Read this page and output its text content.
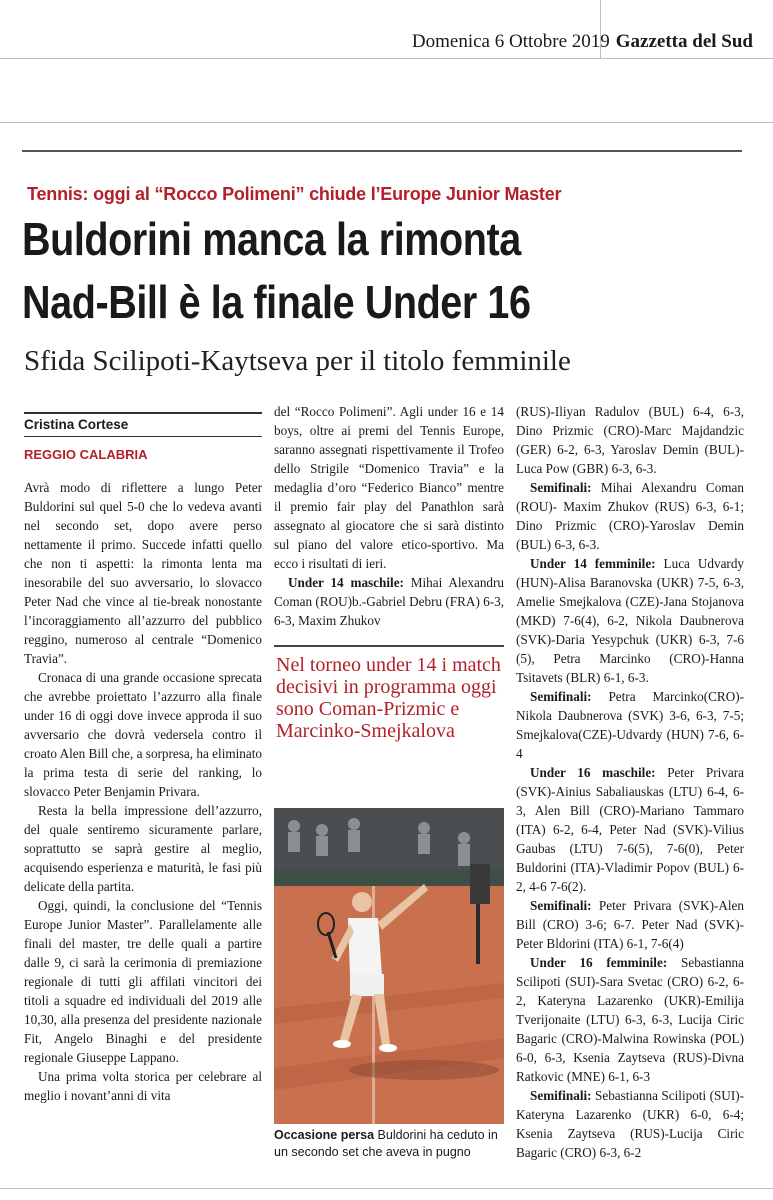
Domenica 6 Ottobre 2019 Gazzetta del Sud
Tennis: oggi al “Rocco Polimeni” chiude l’Europe Junior Master
Buldorini manca la rimonta
Nad-Bill è la finale Under 16
Sfida Scilipoti-Kaytseva per il titolo femminile
Cristina Cortese
REGGIO CALABRIA

Avrà modo di riflettere a lungo Peter Buldorini sul quel 5-0 che lo vedeva avanti nel secondo set, dopo avere perso nettamente il primo. Succede infatti quello che non ti aspetti: la rimonta lenta ma inesorabile del suo avversario, lo slovacco Peter Nad che vince al tie-break nonostante l’incoraggiamento all’azzurro del pubblico reggino, numeroso al centrale “Domenico Travia”.

Cronaca di una grande occasione sprecata che avrebbe proiettato l’azzurro alla finale under 16 di oggi dove invece approda il suo avversario che dovrà vedersela contro il croato Alen Bill che, a sorpresa, ha eliminato la prima testa di serie del ranking, lo slovacco Peter Benjamin Privara.

Resta la bella impressione dell’azzurro, del quale sentiremo sicuramente parlare, soprattutto se saprà gestire al meglio, acquisendo esperienza e maturità, le fasi più delicate della partita.

Oggi, quindi, la conclusione del “Tennis Europe Junior Master”. Parallelamente alle finali del master, tre delle quali a partire dalle 9, ci sarà la cerimonia di premiazione regionale di tutti gli affilati vincitori dei titoli a squadre ed individuali del 2019 alle 10,30, alla presenza del presidente nazionale Fit, Angelo Binaghi e del presidente regionale Giuseppe Lappano.

Una prima volta storica per celebrare al meglio i novant’anni di vita

del “Rocco Polimeni”. Agli under 16 e 14 boys, oltre ai premi del Tennis Europe, saranno assegnati rispettivamente il Trofeo dello Strigile “Domenico Travia” e la medaglia d’oro “Federico Bianco” mentre il premio fair play del Panathlon sarà assegnato al giocatore che si sarà distinto sul piano del valore etico-sportivo. Ma ecco i risultati di ieri.

Under 14 maschile: Mihai Alexandru Coman (ROU)b.-Gabriel Debru (FRA) 6-3, 6-3, Maxim Zhukov

Nel torneo under 14 i match decisivi in programma oggi sono Coman-Prizmic e Marcinko-Smejkalova
Occasione persa Buldorini ha ceduto in un secondo set che aveva in pugno

(RUS)-Iliyan Radulov (BUL) 6-4, 6-3, Dino Prizmic (CRO)-Marc Majdandzic (GER) 6-2, 6-3, Yaroslav Demin (BUL)-Luca Pow (GBR) 6-3, 6-3.

Semifinali: Mihai Alexandru Coman (ROU)- Maxim Zhukov (RUS) 6-3, 6-1; Dino Prizmic (CRO)-Yaroslav Demin (BUL) 6-3, 6-3.

Under 14 femminile: Luca Udvardy (HUN)-Alisa Baranovska (UKR) 7-5, 6-3, Amelie Smejkalova (CZE)-Jana Stojanova (MKD) 7-6(4), 6-2, Nikola Daubnerova (SVK)-Daria Yesypchuk (UKR) 6-3, 7-6 (5), Petra Marcinko (CRO)-Hanna Tsitavets (BLR) 6-1, 6-3.

Semifinali: Petra Marcinko(CRO)-Nikola Daubnerova (SVK) 3-6, 6-3, 7-5; Smejkalova(CZE)-Udvardy (HUN) 7-6, 6-4

Under 16 maschile: Peter Privara (SVK)-Ainius Sabaliauskas (LTU) 6-4, 6-3, Alen Bill (CRO)-Mariano Tammaro (ITA) 6-2, 6-4, Peter Nad (SVK)-Vilius Gaubas (LTU) 7-6(5), 7-6(0), Peter Buldorini (ITA)-Vladimir Popov (BUL) 6-2, 4-6 7-6(2).

Semifinali: Peter Privara (SVK)-Alen Bill (CRO) 3-6; 6-7. Peter Nad (SVK)-Peter Bldorini (ITA) 6-1, 7-6(4)

Under 16 femminile: Sebastianna Scilipoti (SUI)-Sara Svetac (CRO) 6-2, 6-2, Kateryna Lazarenko (UKR)-Emilija Tverijonaite (LTU) 6-3, 6-3, Lucija Ciric Bagaric (CRO)-Malwina Rowinska (POL) 6-0, 6-3, Ksenia Zaytseva (RUS)-Divna Ratkovic (MNE) 6-1, 6-3

Semifinali: Sebastianna Scilipoti (SUI)-Kateryna Lazarenko (UKR) 6-0, 6-4; Ksenia Zaytseva (RUS)-Lucija Ciric Bagaric (CRO) 6-3, 6-2
